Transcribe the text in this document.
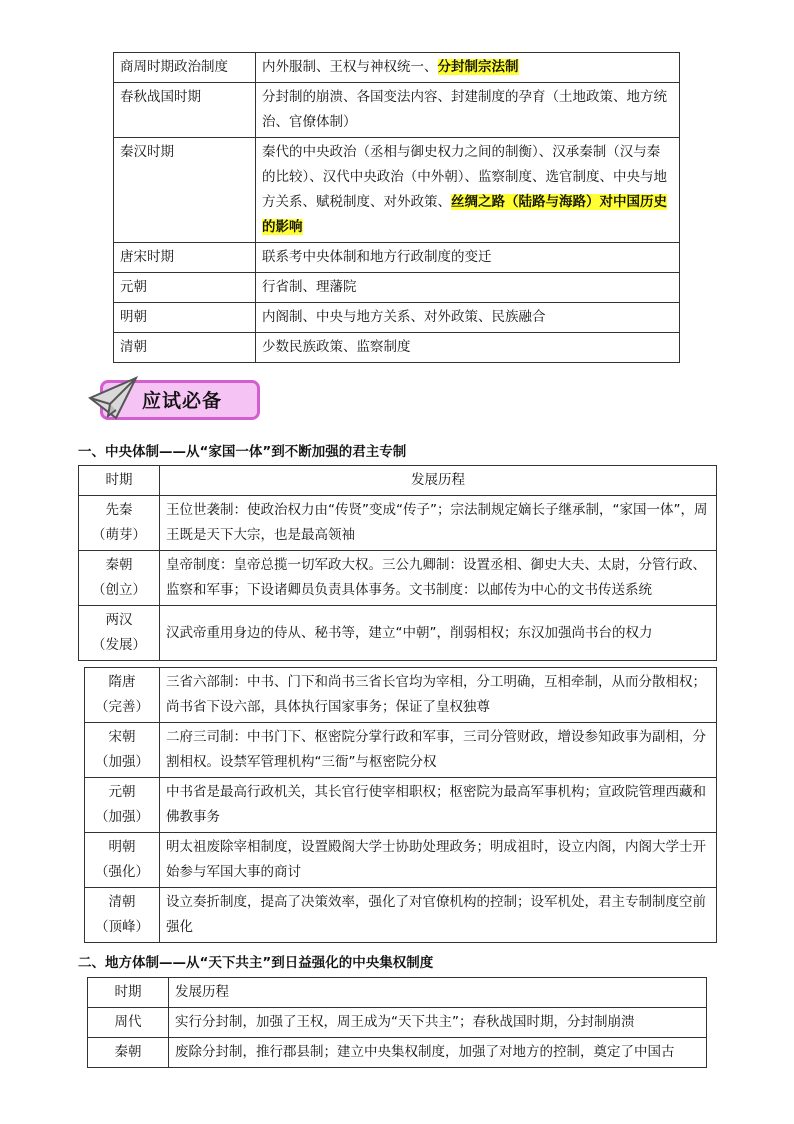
商周时期政治制度	内外服制、王权与神权统一、分封制宗法制
春秋战国时期	分封制的崩溃、各国变法内容、封建制度的孕育（土地政策、地方统治、官僚体制）
秦汉时期	秦代的中央政治（丞相与御史权力之间的制衡）、汉承秦制（汉与秦的比较）、汉代中央政治（中外朝）、监察制度、选官制度、中央与地方关系、赋税制度、对外政策、丝绸之路（陆路与海路）对中国历史的影响
唐宋时期	联系考中央体制和地方行政制度的变迁
元朝	行省制、理藩院
明朝	内阁制、中央与地方关系、对外政策、民族融合
清朝	少数民族政策、监察制度
应试必备
一、中央体制——从“家国一体”到不断加强的君主专制
时期	发展历程

先秦
（萌芽）	王位世袭制：使政治权力由“传贤”变成“传子”；宗法制规定嫡长子继承制，“家国一体”，周王既是天下大宗，也是最高领袖

秦朝
（创立）	皇帝制度：皇帝总揽一切军政大权。三公九卿制：设置丞相、御史大夫、太尉，分管行政、监察和军事；下设诸卿员负责具体事务。文书制度：以邮传为中心的文书传送系统

两汉
（发展）	汉武帝重用身边的侍从、秘书等，建立“中朝”，削弱相权；东汉加强尚书台的权力
隋唐
（完善）	三省六部制：中书、门下和尚书三省长官均为宰相，分工明确，互相牵制，从而分散相权；尚书省下设六部，具体执行国家事务；保证了皇权独尊

宋朝
（加强）	二府三司制：中书门下、枢密院分掌行政和军事，三司分管财政，增设参知政事为副相，分割相权。设禁军管理机构“三衙”与枢密院分权

元朝
（加强）	中书省是最高行政机关，其长官行使宰相职权；枢密院为最高军事机构；宣政院管理西藏和佛教事务

明朝
（强化）	明太祖废除宰相制度，设置殿阁大学士协助处理政务；明成祖时，设立内阁，内阁大学士开始参与军国大事的商讨

清朝
（顶峰）	设立奏折制度，提高了决策效率，强化了对官僚机构的控制；设军机处，君主专制制度空前强化
二、地方体制——从“天下共主”到日益强化的中央集权制度
时期	发展历程
周代	实行分封制，加强了王权，周王成为“天下共主”；春秋战国时期，分封制崩溃
秦朝	废除分封制，推行郡县制；建立中央集权制度，加强了对地方的控制，奠定了中国古
